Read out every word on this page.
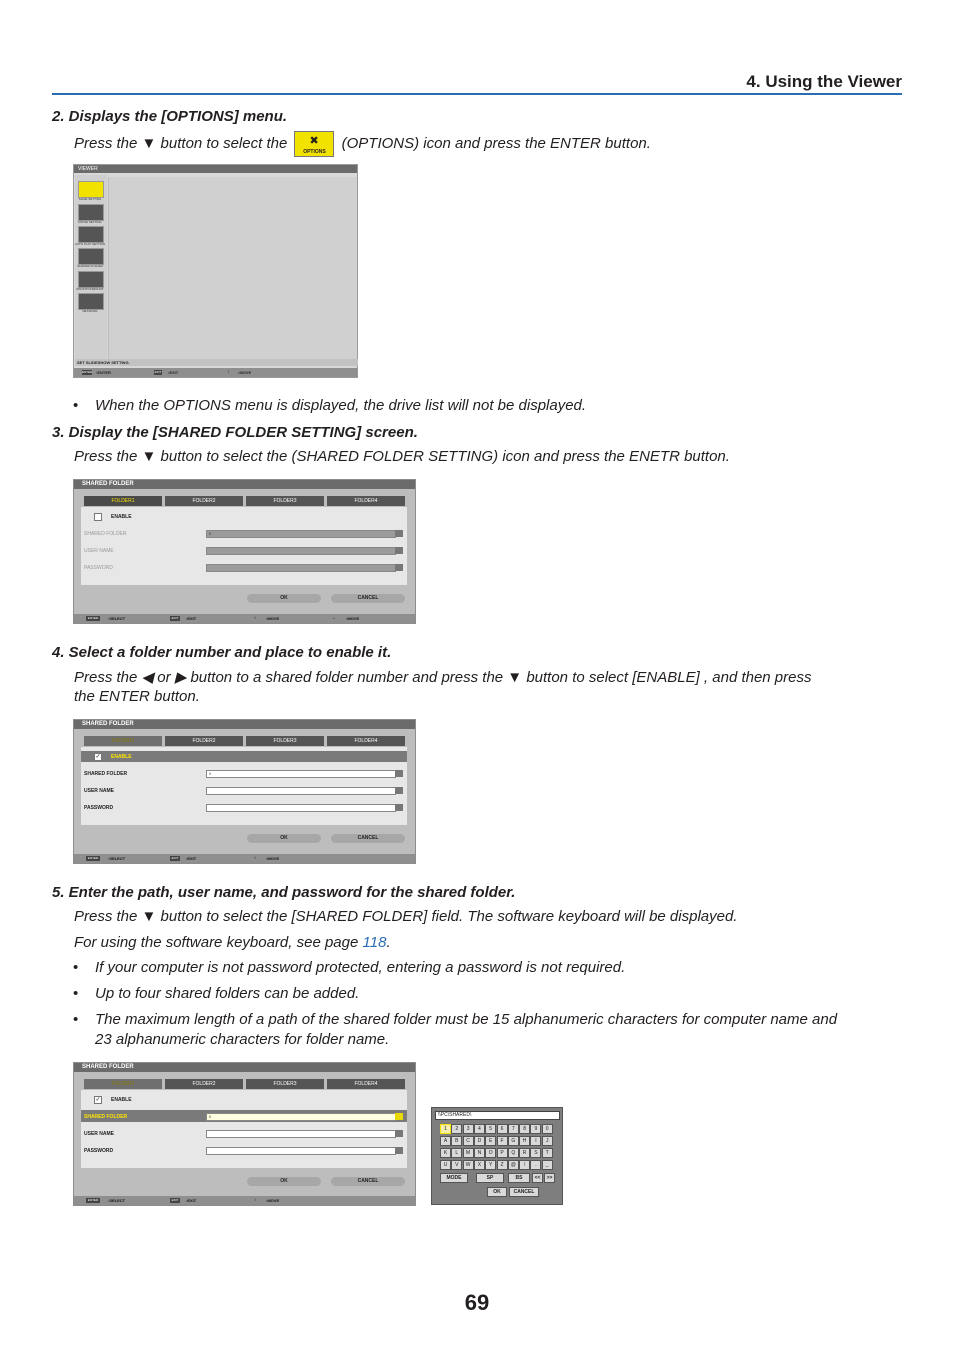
4. Using the Viewer
2. Displays the [OPTIONS] menu.
Press the ▼ button to select the ✖
OPTIONS
(OPTIONS) icon and press the ENTER button.
VIEWER
SLIDE SETTING
MOVIE SETTING
AUTO PLAY SETTING
SHARED FOLDER
MOUNT/UNMOUNT
NETWORK
SET SLIDESHOW SETTING.
ENTER :ENTER	EXIT :EXIT	↕ :MOVE
• When the OPTIONS menu is displayed, the drive list will not be displayed.
3. Display the [SHARED FOLDER SETTING] screen.
Press the ▼ button to select the (SHARED FOLDER SETTING) icon and press the ENETR button.
SHARED FOLDER
FOLDER1	FOLDER2	FOLDER3	FOLDER4
ENABLE
SHARED FOLDER	\\
USER NAME
PASSWORD
OK	CANCEL
ENTER	:SELECT	EXIT	:EXIT	↕	:MOVE	↔	:MOVE
4. Select a folder number and place to enable it.
Press the ◀ or ▶ button to a shared folder number and press the ▼ button to select [ENABLE] , and then press
the ENTER button.
SHARED FOLDER
FOLDER1	FOLDER2	FOLDER3	FOLDER4
✓ ENABLE
SHARED FOLDER	\\
USER NAME
PASSWORD
OK	CANCEL
ENTER	:SELECT	EXIT	:EXIT	↕	:MOVE
5. Enter the path, user name, and password for the shared folder.
Press the ▼ button to select the [SHARED FOLDER] field. The software keyboard will be displayed.
For using the software keyboard, see page 118.
• If your computer is not password protected, entering a password is not required.
• Up to four shared folders can be added.
• The maximum length of a path of the shared folder must be 15 alphanumeric characters for computer name and
23 alphanumeric characters for folder name.
SHARED FOLDER
FOLDER1	FOLDER2	FOLDER3	FOLDER4
✓ ENABLE
SHARED FOLDER	\\
USER NAME
PASSWORD
OK	CANCEL
ENTER	:SELECT	EXIT	:EXIT	↕	:MOVE
\\PC\SHARED\
1	2	3	4	5	6	7	8	9	0
A	B	C	D	E	F	G	H	I	J
K	L	M	N	O	P	Q	R	S	T
U	V	W	X	Y	Z	@	\	.	_
MODE	SP	BS	<<	>>
OK	CANCEL
69
